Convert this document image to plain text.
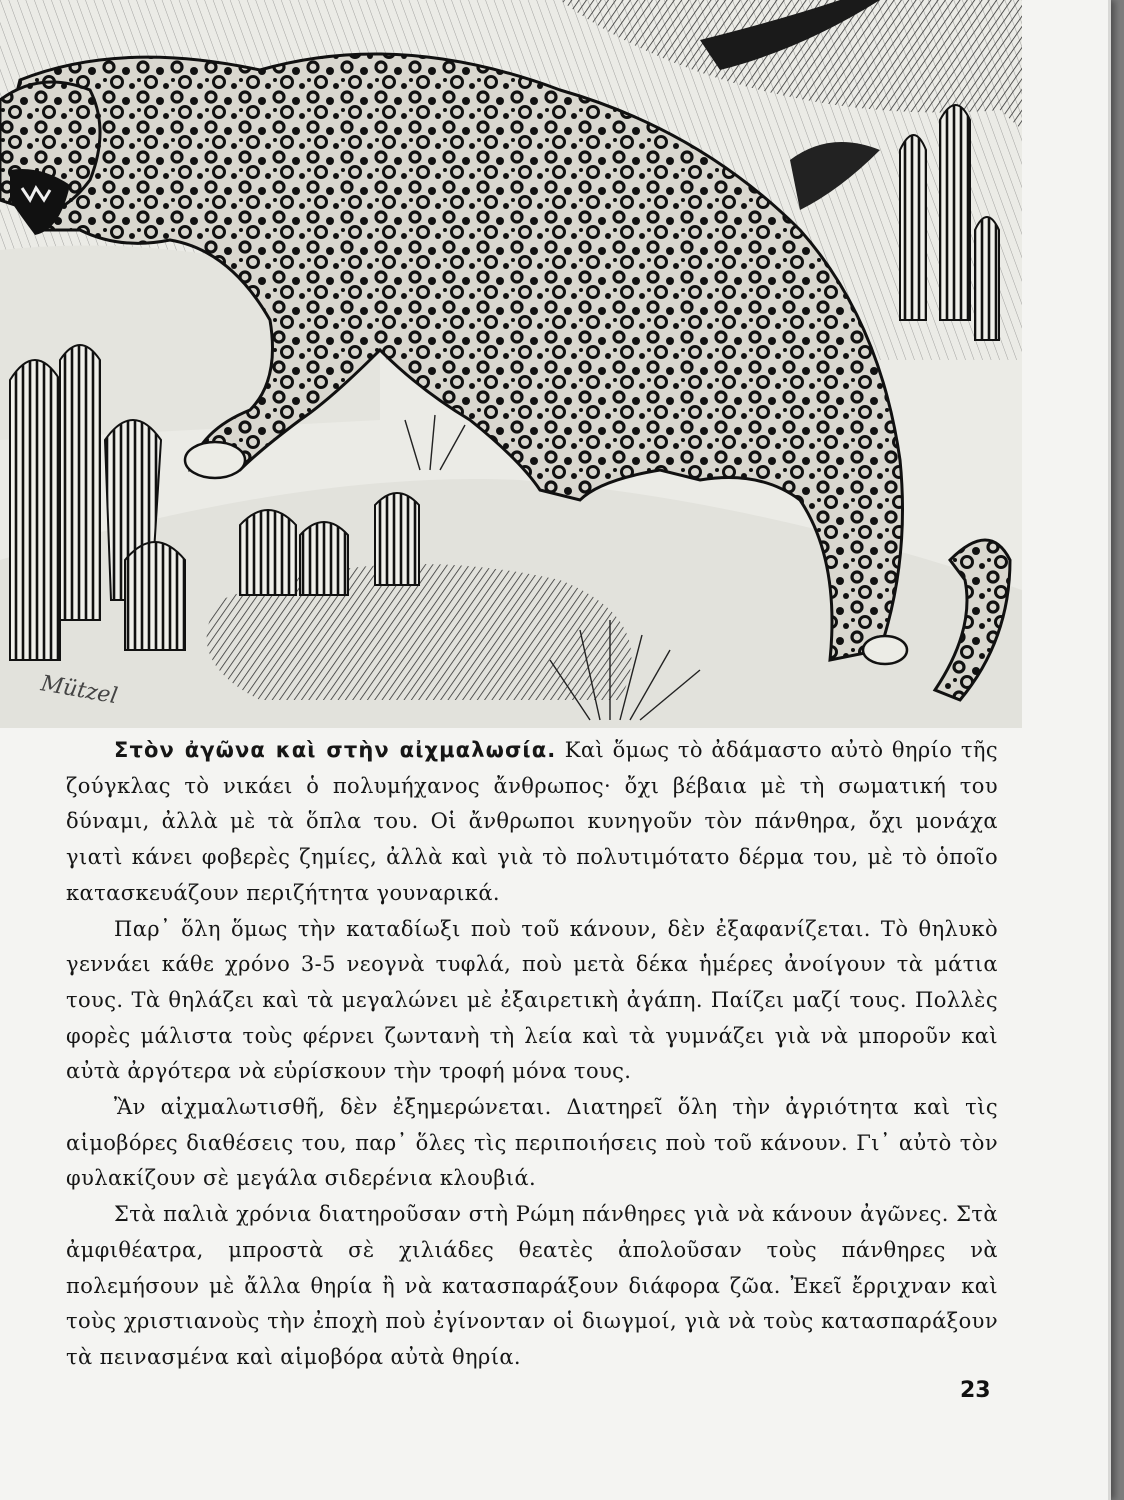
Mützel

Στὸν ἀγῶνα καὶ στὴν αἰχμαλωσία. Καὶ ὅμως τὸ ἀδάμαστο αὐτὸ θηρίο τῆς ζούγκλας τὸ νικάει ὁ πολυμήχανος ἄνθρωπος· ὄχι βέβαια μὲ τὴ σωματική του δύναμι, ἀλλὰ μὲ τὰ ὅπλα του. Οἱ ἄνθρωποι κυνηγοῦν τὸν πάνθηρα, ὄχι μονάχα γιατὶ κάνει φοβερὲς ζημίες, ἀλλὰ καὶ γιὰ τὸ πολυτιμότατο δέρμα του, μὲ τὸ ὁποῖο κατασκευάζουν περιζήτητα γουναρικά.

Παρ᾽ ὅλη ὅμως τὴν καταδίωξι ποὺ τοῦ κάνουν, δὲν ἐξαφανίζεται. Τὸ θηλυκὸ γεννάει κάθε χρόνο 3-5 νεογνὰ τυφλά, ποὺ μετὰ δέκα ἡμέρες ἀνοίγουν τὰ μάτια τους. Τὰ θηλάζει καὶ τὰ μεγαλώνει μὲ ἐξαιρετικὴ ἀγάπη. Παίζει μαζί τους. Πολλὲς φορὲς μάλιστα τοὺς φέρνει ζωντανὴ τὴ λεία καὶ τὰ γυμνάζει γιὰ νὰ μποροῦν καὶ αὐτὰ ἀργότερα νὰ εὑρίσκουν τὴν τροφή μόνα τους.

Ἂν αἰχμαλωτισθῆ, δὲν ἐξημερώνεται. Διατηρεῖ ὅλη τὴν ἀγριότητα καὶ τὶς αἱμοβόρες διαθέσεις του, παρ᾽ ὅλες τὶς περιποιήσεις ποὺ τοῦ κάνουν. Γι᾽ αὐτὸ τὸν φυλακίζουν σὲ μεγάλα σιδερένια κλουβιά.

Στὰ παλιὰ χρόνια διατηροῦσαν στὴ Ρώμη πάνθηρες γιὰ νὰ κάνουν ἀγῶνες. Στὰ ἀμφιθέατρα, μπροστὰ σὲ χιλιάδες θεατὲς ἀπολοῦσαν τοὺς πάνθηρες νὰ πολεμήσουν μὲ ἄλλα θηρία ἢ νὰ κατασπαράξουν διάφορα ζῶα. Ἐκεῖ ἔρριχναν καὶ τοὺς χριστιανοὺς τὴν ἐποχὴ ποὺ ἐγίνονταν οἱ διωγμοί, γιὰ νὰ τοὺς κατασπαράξουν τὰ πεινασμένα καὶ αἱμοβόρα αὐτὰ θηρία.

23
